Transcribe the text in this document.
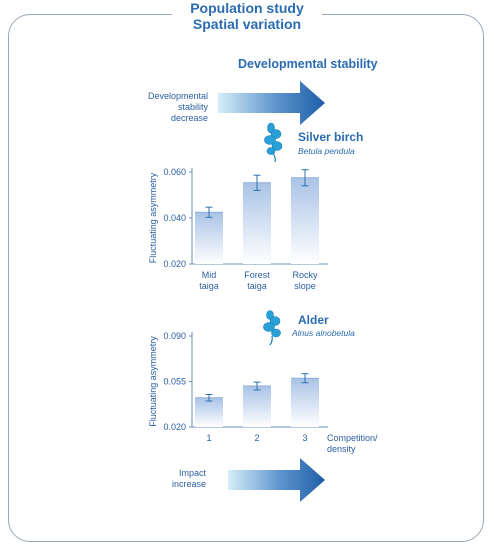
Population study
Spatial variation
Developmental stability
Developmental
stability
decrease
Impact
increase
Silver birch
Betula pendula
Alder
Alnus alnobetula
0.060
0.040
0.020
Fluctuating asymmetry
Mid
taiga
Forest
taiga
Rocky
slope
0.090
0.055
0.020
Fluctuating asymmetry
1	2	3 Competition/
density
